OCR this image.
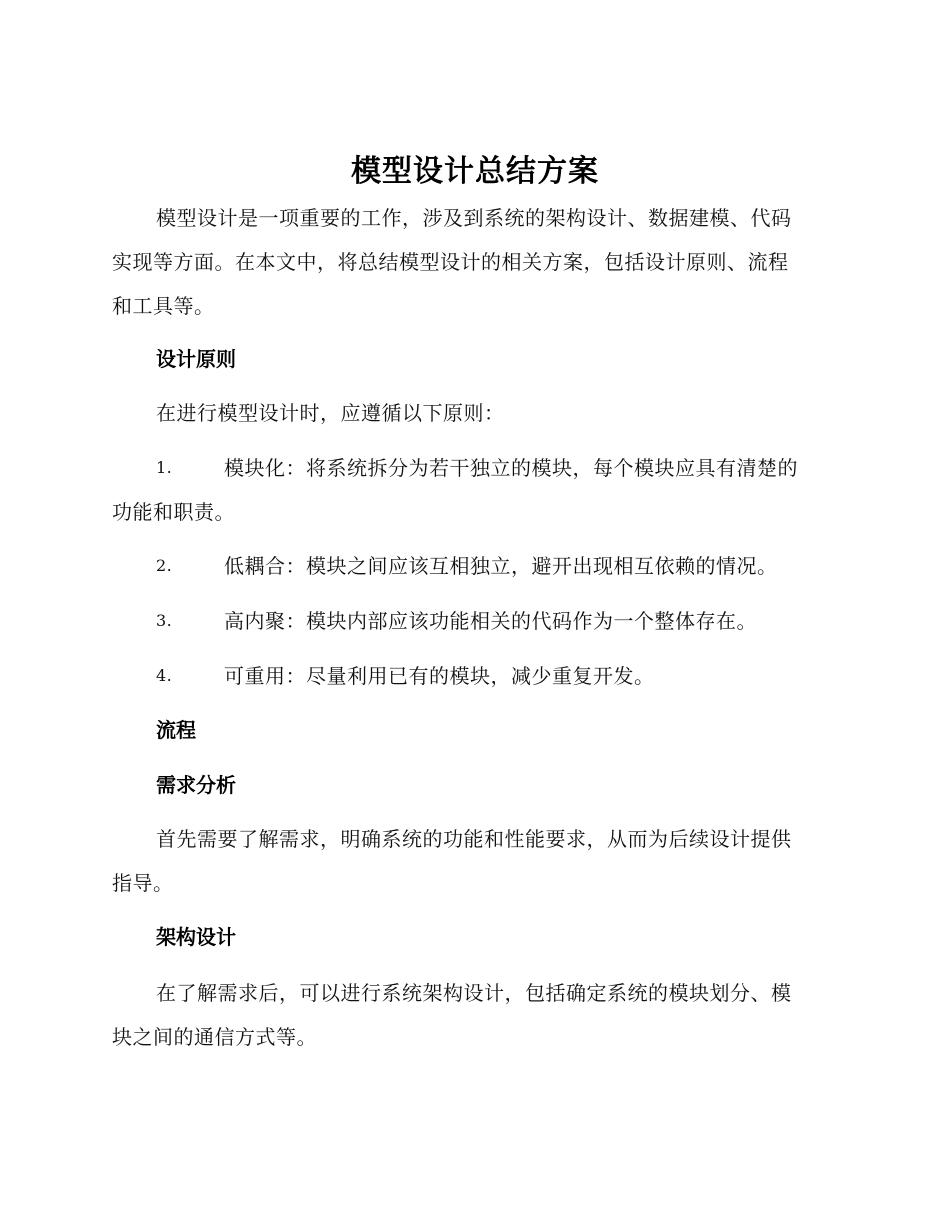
模型设计总结方案
模型设计是一项重要的工作，涉及到系统的架构设计、数据建模、代码
实现等方面。在本文中，将总结模型设计的相关方案，包括设计原则、流程
和工具等。
设计原则
在进行模型设计时，应遵循以下原则：
1.	模块化：将系统拆分为若干独立的模块，每个模块应具有清楚的
功能和职责。
2.	低耦合：模块之间应该互相独立，避开出现相互依赖的情况。
3.	高内聚：模块内部应该功能相关的代码作为一个整体存在。
4.	可重用：尽量利用已有的模块，减少重复开发。
流程
需求分析
首先需要了解需求，明确系统的功能和性能要求，从而为后续设计提供
指导。
架构设计
在了解需求后，可以进行系统架构设计，包括确定系统的模块划分、模
块之间的通信方式等。
